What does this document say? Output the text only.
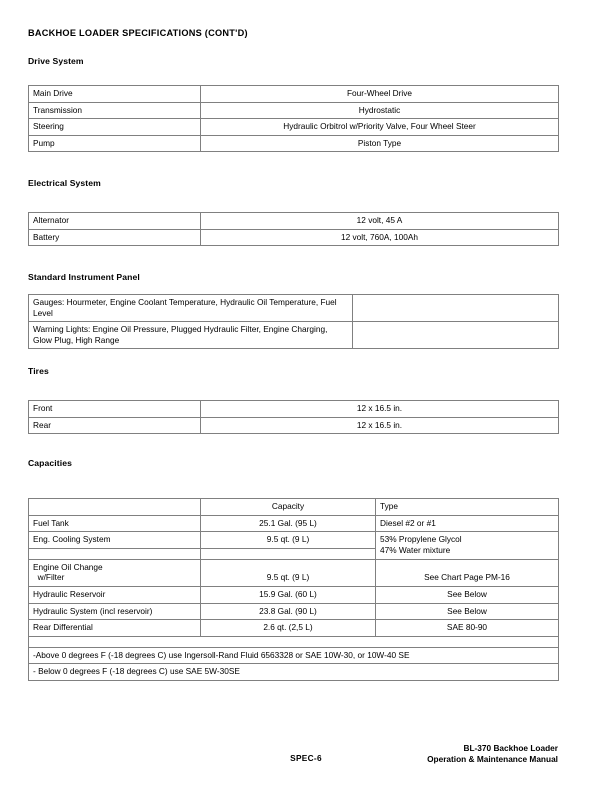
BACKHOE LOADER SPECIFICATIONS (CONT'D)
Drive System
Main Drive	Four-Wheel Drive
Transmission	Hydrostatic
Steering	Hydraulic Orbitrol w/Priority Valve, Four Wheel Steer
Pump	Piston Type
Electrical System
Alternator	12 volt, 45 A
Battery	12 volt, 760A, 100Ah
Standard Instrument Panel
Gauges: Hourmeter, Engine Coolant Temperature, Hydraulic Oil Temperature, Fuel Level	
Warning Lights: Engine Oil Pressure, Plugged Hydraulic Filter, Engine Charging, Glow Plug, High Range	
Tires
Front	12 x 16.5 in.
Rear	12 x 16.5 in.
Capacities
	Capacity	Type
Fuel Tank	25.1 Gal. (95 L)	Diesel #2 or #1
Eng. Cooling System	9.5 qt. (9 L)	53% Propylene Glycol
47% Water mixture

Engine Oil Change
w/Filter	9.5 qt. (9 L)	See Chart Page PM-16
Hydraulic Reservoir	15.9 Gal. (60 L)	See Below
Hydraulic System (incl reservoir)	23.8 Gal. (90 L)	See Below
Rear Differential	2.6 qt. (2,5 L)	SAE 80-90

-Above 0 degrees F (-18 degrees C) use Ingersoll-Rand Fluid 6563328 or SAE 10W-30, or 10W-40 SE		
- Below 0 degrees F (-18 degrees C) use SAE 5W-30SE		
SPEC-6
BL-370 Backhoe Loader
Operation & Maintenance Manual
